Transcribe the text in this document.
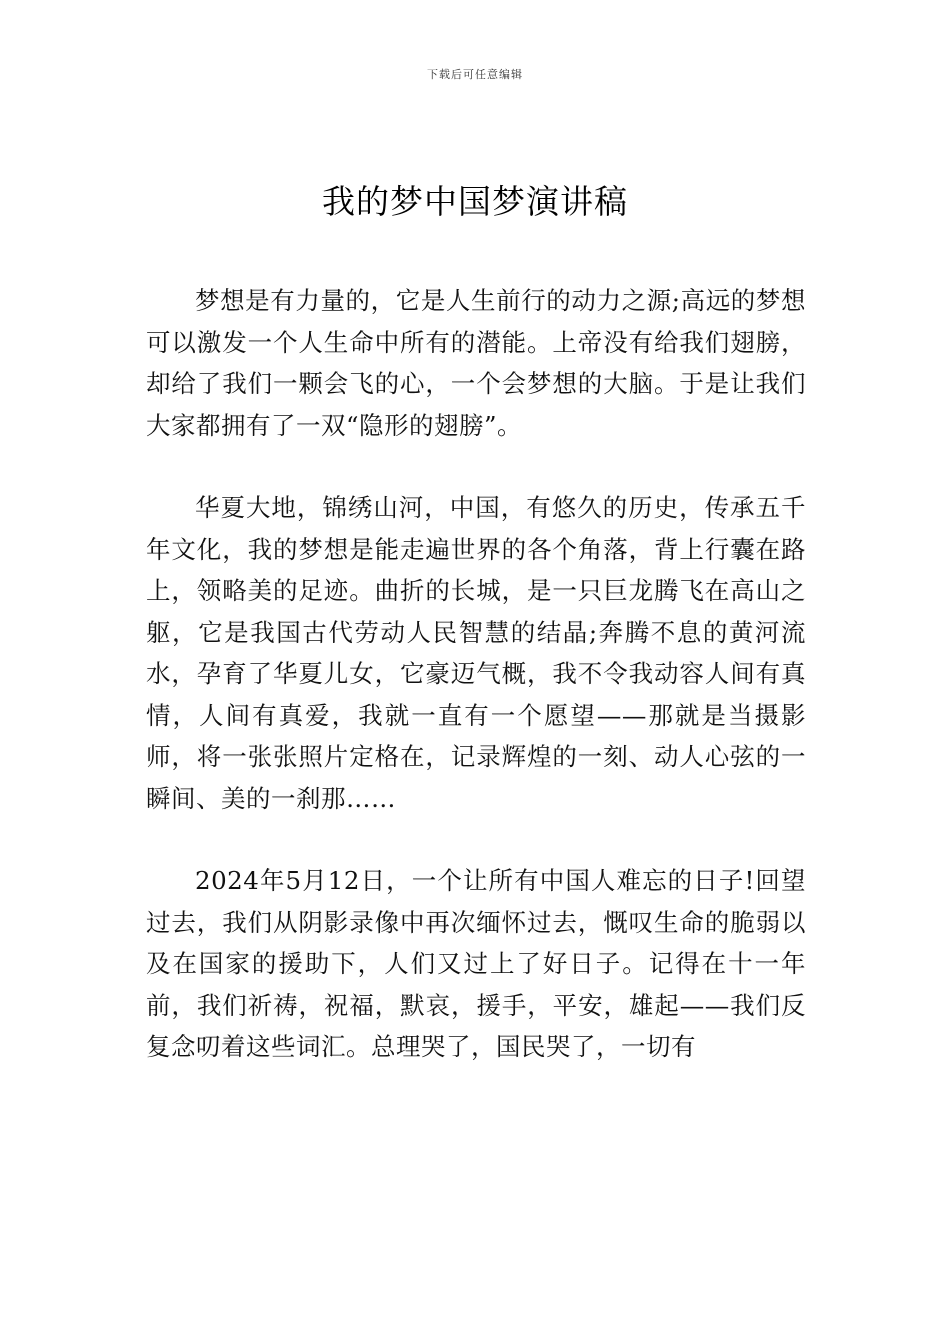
下载后可任意编辑
我的梦中国梦演讲稿

梦想是有力量的，它是人生前行的动力之源;高远的梦想可以激发一个人生命中所有的潜能。上帝没有给我们翅膀，却给了我们一颗会飞的心，一个会梦想的大脑。于是让我们大家都拥有了一双“隐形的翅膀”。

华夏大地，锦绣山河，中国，有悠久的历史，传承五千年文化，我的梦想是能走遍世界的各个角落，背上行囊在路上，领略美的足迹。曲折的长城，是一只巨龙腾飞在高山之躯，它是我国古代劳动人民智慧的结晶;奔腾不息的黄河流水，孕育了华夏儿女，它豪迈气概，我不令我动容人间有真情，人间有真爱，我就一直有一个愿望——那就是当摄影师，将一张张照片定格在，记录辉煌的一刻、动人心弦的一瞬间、美的一刹那……

2024年5月12日，一个让所有中国人难忘的日子!回望过去，我们从阴影录像中再次缅怀过去，慨叹生命的脆弱以及在国家的援助下，人们又过上了好日子。记得在十一年前，我们祈祷，祝福，默哀，援手，平安，雄起——我们反复念叨着这些词汇。总理哭了，国民哭了，一切有
